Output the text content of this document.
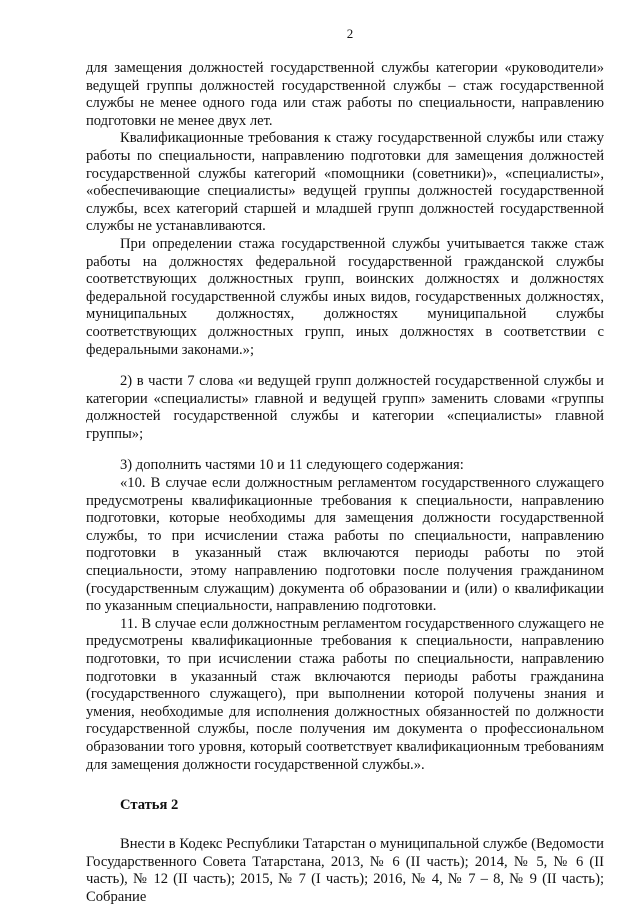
2

для замещения должностей государственной службы категории «руководители» ведущей группы должностей государственной службы – стаж государственной службы не менее одного года или стаж работы по специальности, направлению подготовки не менее двух лет.

Квалификационные требования к стажу государственной службы или стажу работы по специальности, направлению подготовки для замещения должностей государственной службы категорий «помощники (советники)», «специалисты», «обеспечивающие специалисты» ведущей группы должностей государственной службы, всех категорий старшей и младшей групп должностей государственной службы не устанавливаются.

При определении стажа государственной службы учитывается также стаж работы на должностях федеральной государственной гражданской службы соответствующих должностных групп, воинских должностях и должностях федеральной государственной службы иных видов, государственных должностях, муниципальных должностях, должностях муниципальной службы соответствующих должностных групп, иных должностях в соответствии с федеральными законами.»;

2) в части 7 слова «и ведущей групп должностей государственной службы и категории «специалисты» главной и ведущей групп» заменить словами «группы должностей государственной службы и категории «специалисты» главной группы»;

3) дополнить частями 10 и 11 следующего содержания:

«10. В случае если должностным регламентом государственного служащего предусмотрены квалификационные требования к специальности, направлению подготовки, которые необходимы для замещения должности государственной службы, то при исчислении стажа работы по специальности, направлению подготовки в указанный стаж включаются периоды работы по этой специальности, этому направлению подготовки после получения гражданином (государственным служащим) документа об образовании и (или) о квалификации по указанным специальности, направлению подготовки.

11. В случае если должностным регламентом государственного служащего не предусмотрены квалификационные требования к специальности, направлению подготовки, то при исчислении стажа работы по специальности, направлению подготовки в указанный стаж включаются периоды работы гражданина (государственного служащего), при выполнении которой получены знания и умения, необходимые для исполнения должностных обязанностей по должности государственной службы, после получения им документа о профессиональном образовании того уровня, который соответствует квалификационным требованиям для замещения должности государственной службы.».

Статья 2

Внести в Кодекс Республики Татарстан о муниципальной службе (Ведомости Государственного Совета Татарстана, 2013, № 6 (II часть); 2014, № 5, № 6 (II часть), № 12 (II часть); 2015, № 7 (I часть); 2016, № 4, № 7 – 8, № 9 (II часть); Собрание
